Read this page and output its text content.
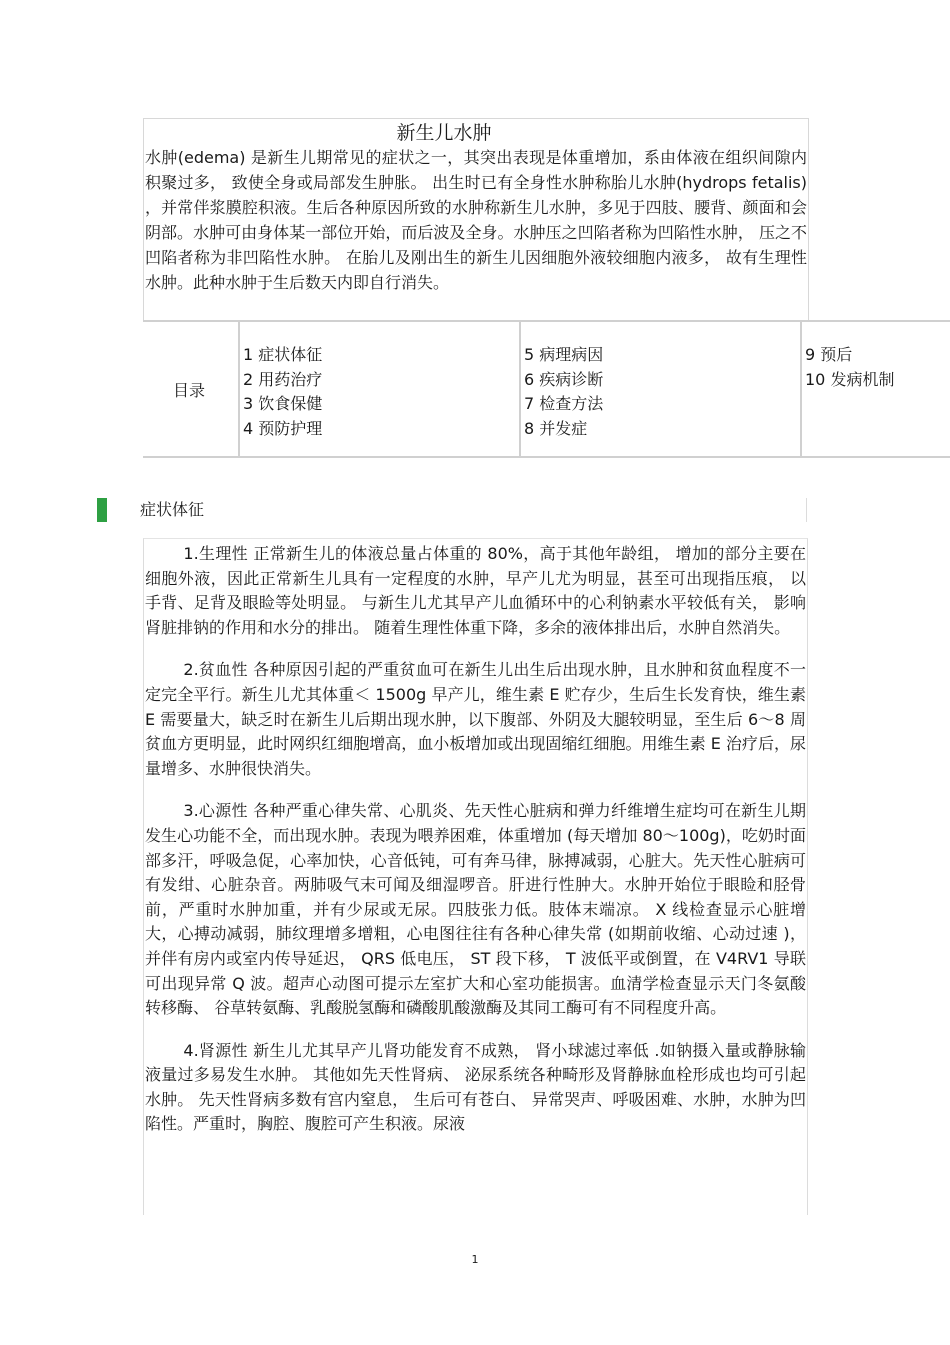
新生儿水肿

水肿(edema) 是新生儿期常见的症状之一，其突出表现是体重增加，系由体液在组织间隙内积聚过多， 致使全身或局部发生肿胀。 出生时已有全身性水肿称胎儿水肿(hydrops fetalis) ，并常伴浆膜腔积液。生后各种原因所致的水肿称新生儿水肿，多见于四肢、腰背、颜面和会阴部。水肿可由身体某一部位开始，而后波及全身。水肿压之凹陷者称为凹陷性水肿， 压之不凹陷者称为非凹陷性水肿。 在胎儿及刚出生的新生儿因细胞外液较细胞内液多， 故有生理性水肿。此种水肿于生后数天内即自行消失。

目录
1 症状体征
2 用药治疗
3 饮食保健
4 预防护理
5 病理病因
6 疾病诊断
7 检查方法
8 并发症
9 预后
10 发病机制
症状体征

1.生理性 正常新生儿的体液总量占体重的 80%，高于其他年龄组， 增加的部分主要在细胞外液，因此正常新生儿具有一定程度的水肿，早产儿尤为明显，甚至可出现指压痕， 以手背、足背及眼睑等处明显。 与新生儿尤其早产儿血循环中的心利钠素水平较低有关， 影响肾脏排钠的作用和水分的排出。 随着生理性体重下降，多余的液体排出后，水肿自然消失。

2.贫血性 各种原因引起的严重贫血可在新生儿出生后出现水肿，且水肿和贫血程度不一定完全平行。新生儿尤其体重＜ 1500g 早产儿，维生素 E 贮存少，生后生长发育快，维生素 E 需要量大，缺乏时在新生儿后期出现水肿，以下腹部、外阴及大腿较明显，至生后 6～8 周贫血方更明显，此时网织红细胞增高，血小板增加或出现固缩红细胞。用维生素 E 治疗后，尿量增多、水肿很快消失。

3.心源性 各种严重心律失常、心肌炎、先天性心脏病和弹力纤维增生症均可在新生儿期发生心功能不全，而出现水肿。表现为喂养困难，体重增加 (每天增加 80～100g)，吃奶时面部多汗，呼吸急促，心率加快，心音低钝，可有奔马律，脉搏减弱，心脏大。先天性心脏病可有发绀、心脏杂音。两肺吸气末可闻及细湿啰音。肝进行性肿大。水肿开始位于眼睑和胫骨前，严重时水肿加重，并有少尿或无尿。四肢张力低。肢体末端凉。 X 线检查显示心脏增大，心搏动减弱，肺纹理增多增粗，心电图往往有各种心律失常 (如期前收缩、心动过速 )，并伴有房内或室内传导延迟， QRS 低电压， ST 段下移， T 波低平或倒置，在 V4RV1 导联可出现异常 Q 波。超声心动图可提示左室扩大和心室功能损害。血清学检查显示天门冬氨酸转移酶、 谷草转氨酶、乳酸脱氢酶和磷酸肌酸激酶及其同工酶可有不同程度升高。

4.肾源性 新生儿尤其早产儿肾功能发育不成熟， 肾小球滤过率低 .如钠摄入量或静脉输液量过多易发生水肿。 其他如先天性肾病、 泌尿系统各种畸形及肾静脉血栓形成也均可引起水肿。 先天性肾病多数有宫内窒息， 生后可有苍白、 异常哭声、呼吸困难、水肿，水肿为凹陷性。严重时，胸腔、腹腔可产生积液。尿液

1
